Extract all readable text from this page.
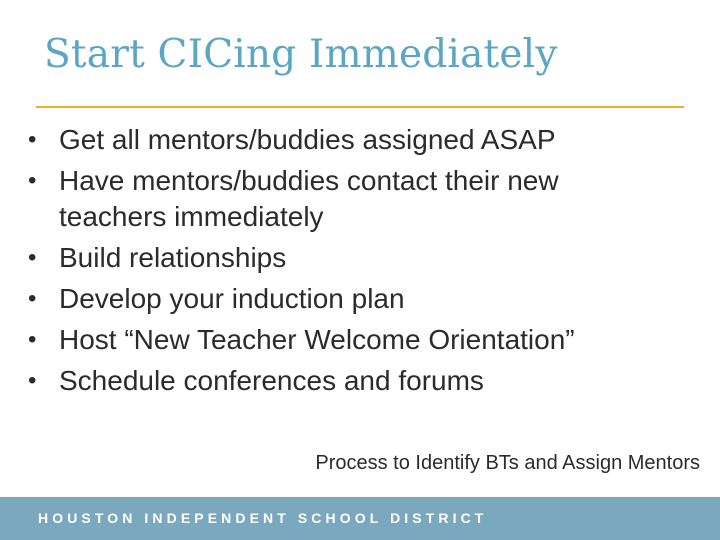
Start CICing Immediately
• Get all mentors/buddies assigned ASAP
• Have mentors/buddies contact their new teachers immediately
• Build relationships
• Develop your induction plan
• Host “New Teacher Welcome Orientation”
• Schedule conferences and forums
Process to Identify BTs and Assign Mentors
HOUSTON INDEPENDENT SCHOOL DISTRICT
